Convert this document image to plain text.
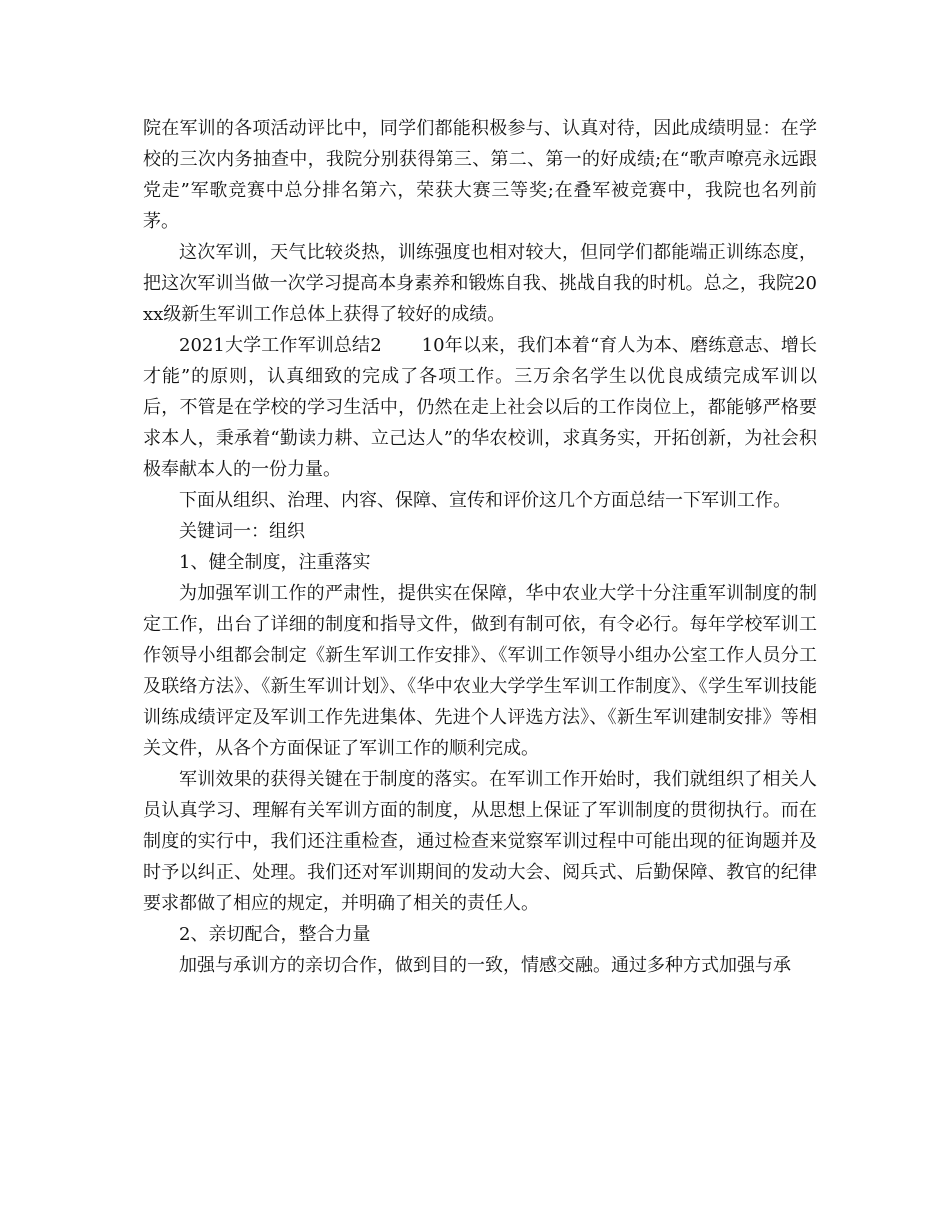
院在军训的各项活动评比中，同学们都能积极参与、认真对待，因此成绩明显：在学校的三次内务抽查中，我院分别获得第三、第二、第一的好成绩;在“歌声嘹亮永远跟党走”军歌竞赛中总分排名第六，荣获大赛三等奖;在叠军被竞赛中，我院也名列前茅。

这次军训，天气比较炎热，训练强度也相对较大，但同学们都能端正训练态度，把这次军训当做一次学习提高本身素养和锻炼自我、挑战自我的时机。总之，我院20xx级新生军训工作总体上获得了较好的成绩。

2021大学工作军训总结2 10年以来，我们本着“育人为本、磨练意志、增长才能”的原则，认真细致的完成了各项工作。三万余名学生以优良成绩完成军训以后，不管是在学校的学习生活中，仍然在走上社会以后的工作岗位上，都能够严格要求本人，秉承着“勤读力耕、立己达人”的华农校训，求真务实，开拓创新，为社会积极奉献本人的一份力量。

下面从组织、治理、内容、保障、宣传和评价这几个方面总结一下军训工作。

关键词一：组织

1、健全制度，注重落实

为加强军训工作的严肃性，提供实在保障，华中农业大学十分注重军训制度的制定工作，出台了详细的制度和指导文件，做到有制可依，有令必行。每年学校军训工作领导小组都会制定《新生军训工作安排》、《军训工作领导小组办公室工作人员分工及联络方法》、《新生军训计划》、《华中农业大学学生军训工作制度》、《学生军训技能训练成绩评定及军训工作先进集体、先进个人评选方法》、《新生军训建制安排》等相关文件，从各个方面保证了军训工作的顺利完成。

军训效果的获得关键在于制度的落实。在军训工作开始时，我们就组织了相关人员认真学习、理解有关军训方面的制度，从思想上保证了军训制度的贯彻执行。而在制度的实行中，我们还注重检查，通过检查来觉察军训过程中可能出现的征询题并及时予以纠正、处理。我们还对军训期间的发动大会、阅兵式、后勤保障、教官的纪律要求都做了相应的规定，并明确了相关的责任人。

2、亲切配合，整合力量

加强与承训方的亲切合作，做到目的一致，情感交融。通过多种方式加强与承
